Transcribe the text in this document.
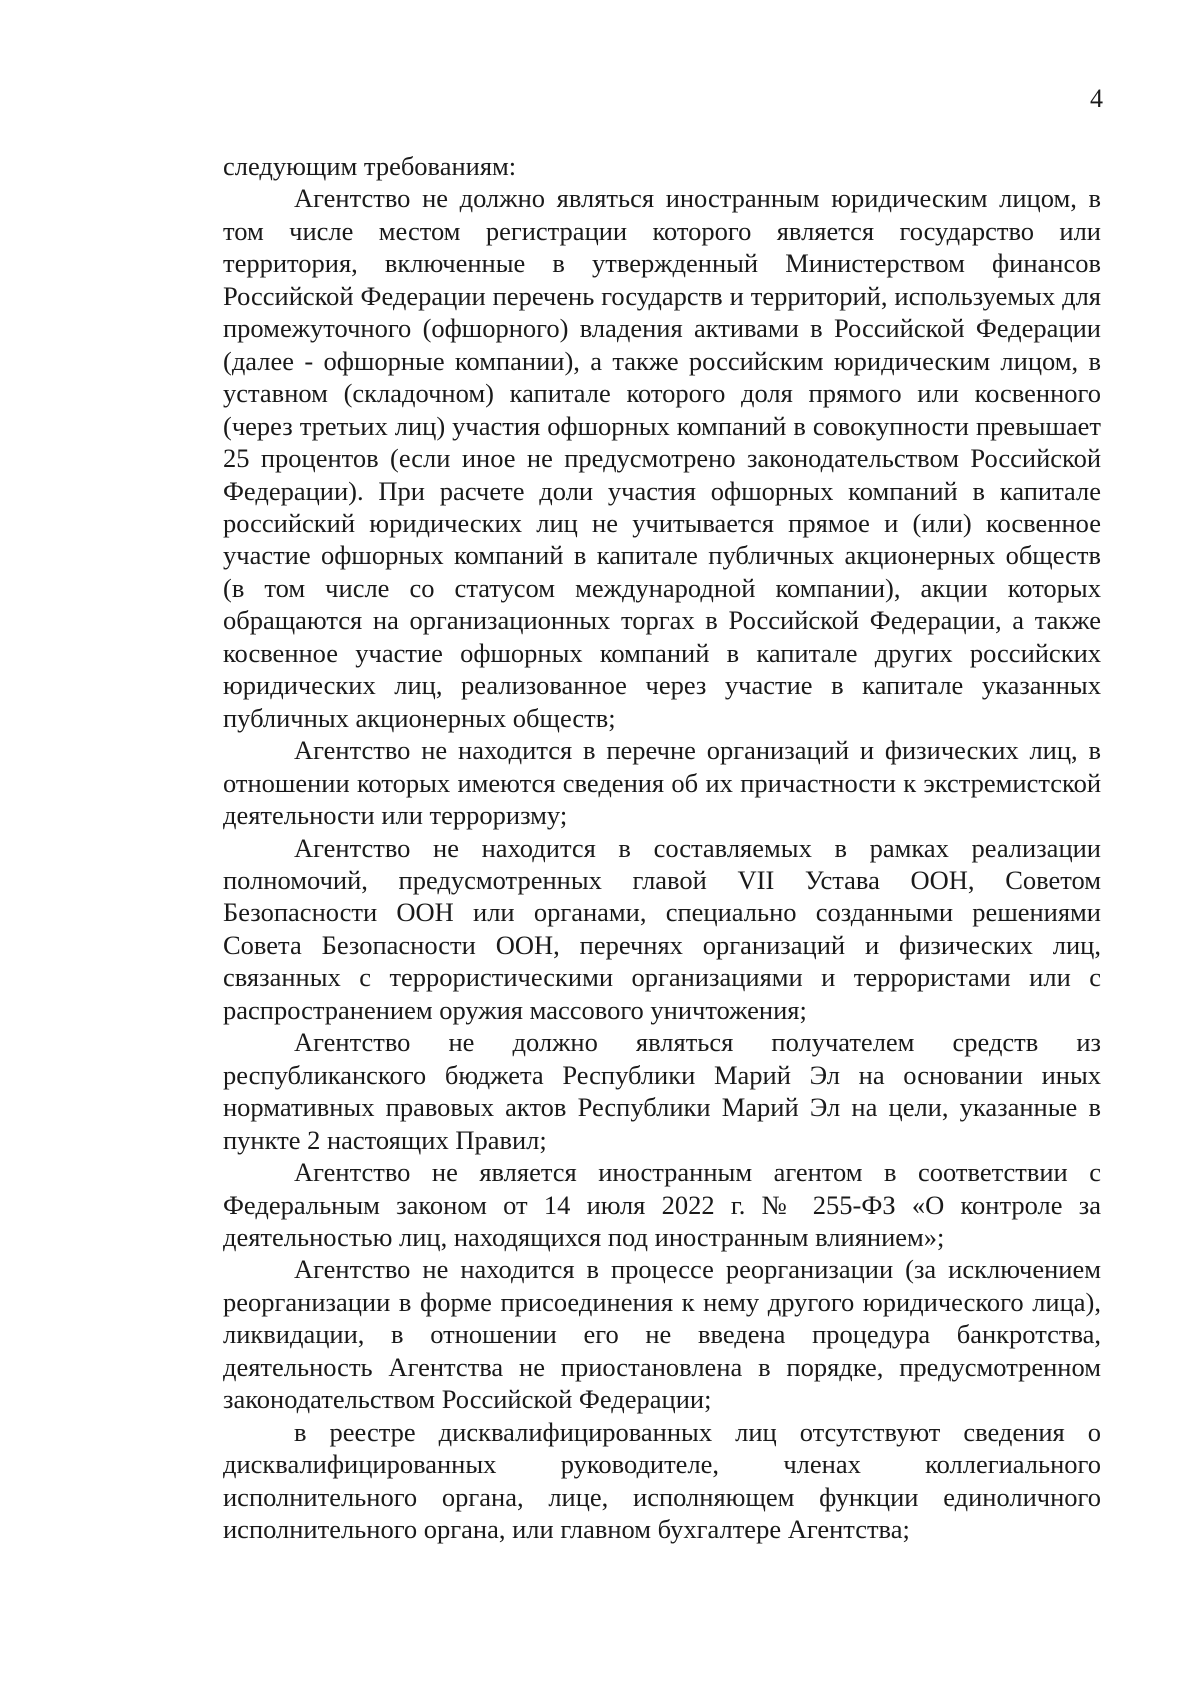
4

следующим требованиям:

Агентство не должно являться иностранным юридическим лицом, в том числе местом регистрации которого является государство или территория, включенные в утвержденный Министерством финансов Российской Федерации перечень государств и территорий, используемых для промежуточного (офшорного) владения активами в Российской Федерации (далее - офшорные компании), а также российским юридическим лицом, в уставном (складочном) капитале которого доля прямого или косвенного (через третьих лиц) участия офшорных компаний в совокупности превышает 25 процентов (если иное не предусмотрено законодательством Российской Федерации). При расчете доли участия офшорных компаний в капитале российский юридических лиц не учитывается прямое и (или) косвенное участие офшорных компаний в капитале публичных акционерных обществ (в том числе со статусом международной компании), акции которых обращаются на организационных торгах в Российской Федерации, а также косвенное участие офшорных компаний в капитале других российских юридических лиц, реализованное через участие в капитале указанных публичных акционерных обществ;

Агентство не находится в перечне организаций и физических лиц, в отношении которых имеются сведения об их причастности к экстремистской деятельности или терроризму;

Агентство не находится в составляемых в рамках реализации полномочий, предусмотренных главой VII Устава ООН, Советом Безопасности ООН или органами, специально созданными решениями Совета Безопасности ООН, перечнях организаций и физических лиц, связанных с террористическими организациями и террористами или с распространением оружия массового уничтожения;

Агентство не должно являться получателем средств из республиканского бюджета Республики Марий Эл на основании иных нормативных правовых актов Республики Марий Эл на цели, указанные в пункте 2 настоящих Правил;

Агентство не является иностранным агентом в соответствии с Федеральным законом от 14 июля 2022 г. № 255-ФЗ «О контроле за деятельностью лиц, находящихся под иностранным влиянием»;

Агентство не находится в процессе реорганизации (за исключением реорганизации в форме присоединения к нему другого юридического лица), ликвидации, в отношении его не введена процедура банкротства, деятельность Агентства не приостановлена в порядке, предусмотренном законодательством Российской Федерации;

в реестре дисквалифицированных лиц отсутствуют сведения о дисквалифицированных руководителе, членах коллегиального исполнительного органа, лице, исполняющем функции единоличного исполнительного органа, или главном бухгалтере Агентства;
